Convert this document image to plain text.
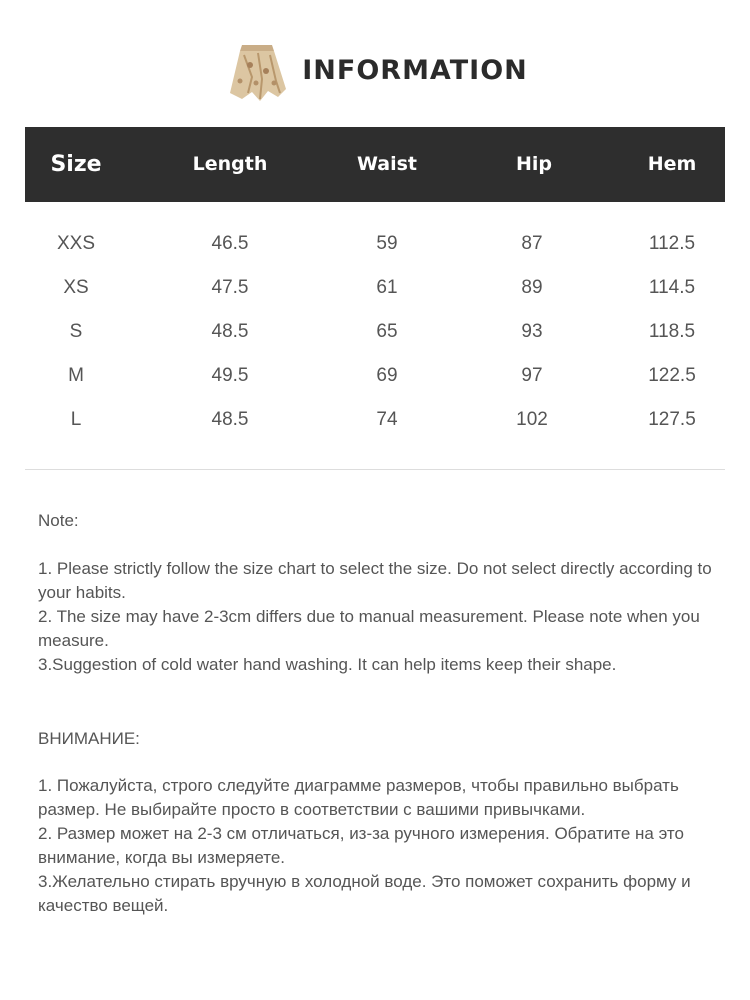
INFORMATION
Size	Length	Waist	Hip	Hem
XXS	46.5	59	87	112.5
XS	47.5	61	89	114.5
S	48.5	65	93	118.5
M	49.5	69	97	122.5
L	48.5	74	102	127.5
Note:

1. Please strictly follow the size chart to select the size. Do not select directly according to your habits.

2. The size may have 2-3cm differs due to manual measurement. Please note when you measure.

3.Suggestion of cold water hand washing. It can help items keep their shape.

ВНИМАНИЕ:

1. Пожалуйста, строго следуйте диаграмме размеров, чтобы правильно выбрать размер. Не выбирайте просто в соответствии с вашими привычками.

2. Размер может на 2-3 см отличаться, из-за ручного измерения. Обратите на это внимание, когда вы измеряете.

3.Желательно стирать вручную в холодной воде. Это поможет сохранить форму и качество вещей.
